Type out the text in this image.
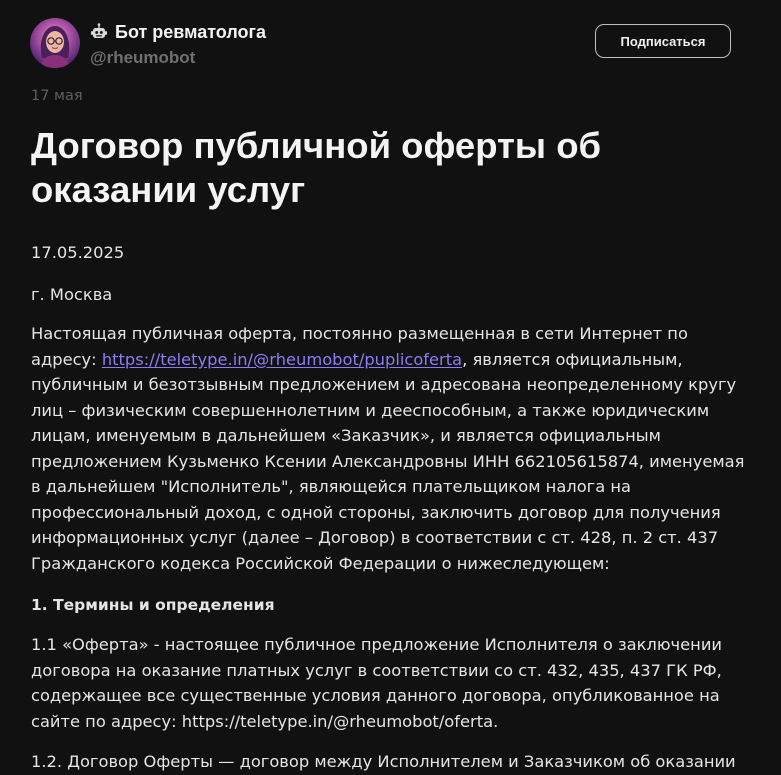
Бот ревматолога
@rheumobot
Подписаться
17 мая
Договор публичной оферты об
оказании услуг

17.05.2025

г. Москва

Настоящая публичная оферта, постоянно размещенная в сети Интернет по
адресу: https://teletype.in/@rheumobot/pupliсoferta, является официальным,
публичным и безотзывным предложением и адресована неопределенному кругу
лиц – физическим совершеннолетним и дееспособным, а также юридическим
лицам, именуемым в дальнейшем «Заказчик», и является официальным
предложением Кузьменко Ксении Александровны ИНН 662105615874, именуемая
в дальнейшем "Исполнитель", являющейся плательщиком налога на
профессиональный доход, с одной стороны, заключить договор для получения
информационных услуг (далее – Договор) в соответствии с ст. 428, п. 2 ст. 437
Гражданского кодекса Российской Федерации о нижеследующем:

1. Термины и определения

1.1 «Оферта» - настоящее публичное предложение Исполнителя о заключении
договора на оказание платных услуг в соответствии со ст. 432, 435, 437 ГК РФ,
содержащее все существенные условия данного договора, опубликованное на
сайте по адресу: https://teletype.in/@rheumobot/oferta.

1.2. Договор Оферты — договор между Исполнителем и Заказчиком об оказании
